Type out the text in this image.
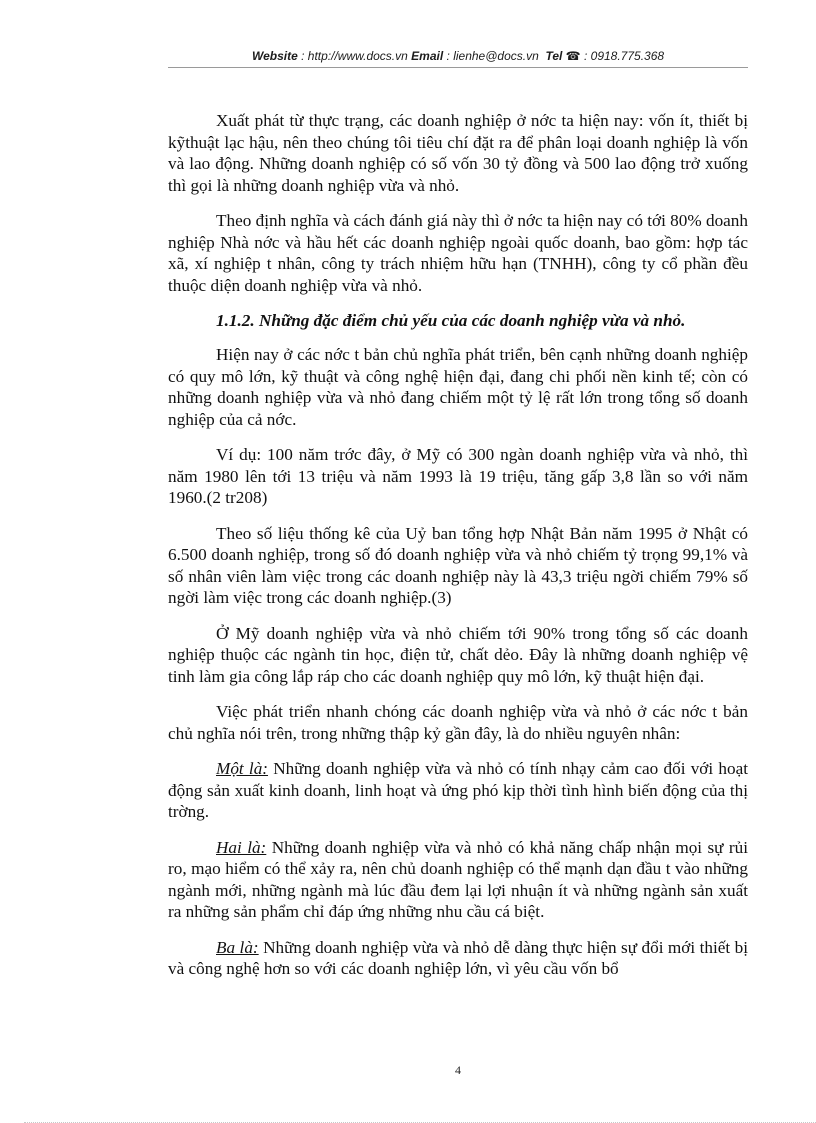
Website : http://www.docs.vn Email : lienhe@docs.vn Tel ☎ : 0918.775.368

Xuất phát từ thực trạng, các doanh nghiệp ở nớc ta hiện nay: vốn ít, thiết bị kỹthuật lạc hậu, nên theo chúng tôi tiêu chí đặt ra để phân loại doanh nghiệp là vốn và lao động. Những doanh nghiệp có số vốn 30 tỷ đồng và 500 lao động trở xuống thì gọi là những doanh nghiệp vừa và nhỏ.

Theo định nghĩa và cách đánh giá này thì ở nớc ta hiện nay có tới 80% doanh nghiệp Nhà nớc và hầu hết các doanh nghiệp ngoài quốc doanh, bao gồm: hợp tác xã, xí nghiệp t nhân, công ty trách nhiệm hữu hạn (TNHH), công ty cổ phần đều thuộc diện doanh nghiệp vừa và nhỏ.

1.1.2. Những đặc điểm chủ yếu của các doanh nghiệp vừa và nhỏ.

Hiện nay ở các nớc t bản chủ nghĩa phát triển, bên cạnh những doanh nghiệp có quy mô lớn, kỹ thuật và công nghệ hiện đại, đang chi phối nền kinh tế; còn có những doanh nghiệp vừa và nhỏ đang chiếm một tỷ lệ rất lớn trong tổng số doanh nghiệp của cả nớc.

Ví dụ: 100 năm trớc đây, ở Mỹ có 300 ngàn doanh nghiệp vừa và nhỏ, thì năm 1980 lên tới 13 triệu và năm 1993 là 19 triệu, tăng gấp 3,8 lần so với năm 1960.(2 tr208)

Theo số liệu thống kê của Uỷ ban tổng hợp Nhật Bản năm 1995 ở Nhật có 6.500 doanh nghiệp, trong số đó doanh nghiệp vừa và nhỏ chiếm tỷ trọng 99,1% và số nhân viên làm việc trong các doanh nghiệp này là 43,3 triệu ngời chiếm 79% số ngời làm việc trong các doanh nghiệp.(3)

Ở Mỹ doanh nghiệp vừa và nhỏ chiếm tới 90% trong tổng số các doanh nghiệp thuộc các ngành tin học, điện tử, chất dẻo. Đây là những doanh nghiệp vệ tinh làm gia công lắp ráp cho các doanh nghiệp quy mô lớn, kỹ thuật hiện đại.

Việc phát triển nhanh chóng các doanh nghiệp vừa và nhỏ ở các nớc t bản chủ nghĩa nói trên, trong những thập kỷ gần đây, là do nhiều nguyên nhân:

Một là: Những doanh nghiệp vừa và nhỏ có tính nhạy cảm cao đối với hoạt động sản xuất kinh doanh, linh hoạt và ứng phó kịp thời tình hình biến động của thị trờng.

Hai là: Những doanh nghiệp vừa và nhỏ có khả năng chấp nhận mọi sự rủi ro, mạo hiểm có thể xảy ra, nên chủ doanh nghiệp có thể mạnh dạn đầu t vào những ngành mới, những ngành mà lúc đầu đem lại lợi nhuận ít và những ngành sản xuất ra những sản phẩm chỉ đáp ứng những nhu cầu cá biệt.

Ba là: Những doanh nghiệp vừa và nhỏ dễ dàng thực hiện sự đổi mới thiết bị và công nghệ hơn so với các doanh nghiệp lớn, vì yêu cầu vốn bổ

4
